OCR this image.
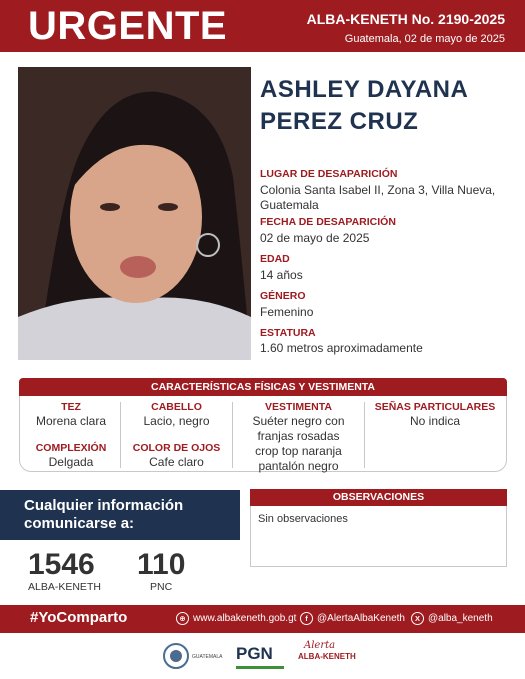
URGENTE	ALBA-KENETH No. 2190-2025
Guatemala, 02 de mayo de 2025
ASHLEY DAYANA
PEREZ CRUZ
LUGAR DE DESAPARICIÓN
Colonia Santa Isabel II, Zona 3, Villa Nueva,
Guatemala
FECHA DE DESAPARICIÓN
02 de mayo de 2025
EDAD
14 años
GÉNERO
Femenino
ESTATURA
1.60 metros aproximadamente
CARACTERÍSTICAS FÍSICAS Y VESTIMENTA
TEZ
Morena clara
COMPLEXIÓN
Delgada
CABELLO
Lacio, negro
COLOR DE OJOS
Cafe claro
VESTIMENTA
Suéter negro con
franjas rosadas
crop top naranja
pantalón negro
SEÑAS PARTICULARES
No indica
Cualquier información
comunicarse a:
1546
ALBA-KENETH
110
PNC
OBSERVACIONES
Sin observaciones
#YoComparto	⊕ www.albakeneth.gob.gt	f @AlertaAlbaKeneth	X @alba_keneth
GUATEMALA PGN	Alerta
ALBA-KENETH
